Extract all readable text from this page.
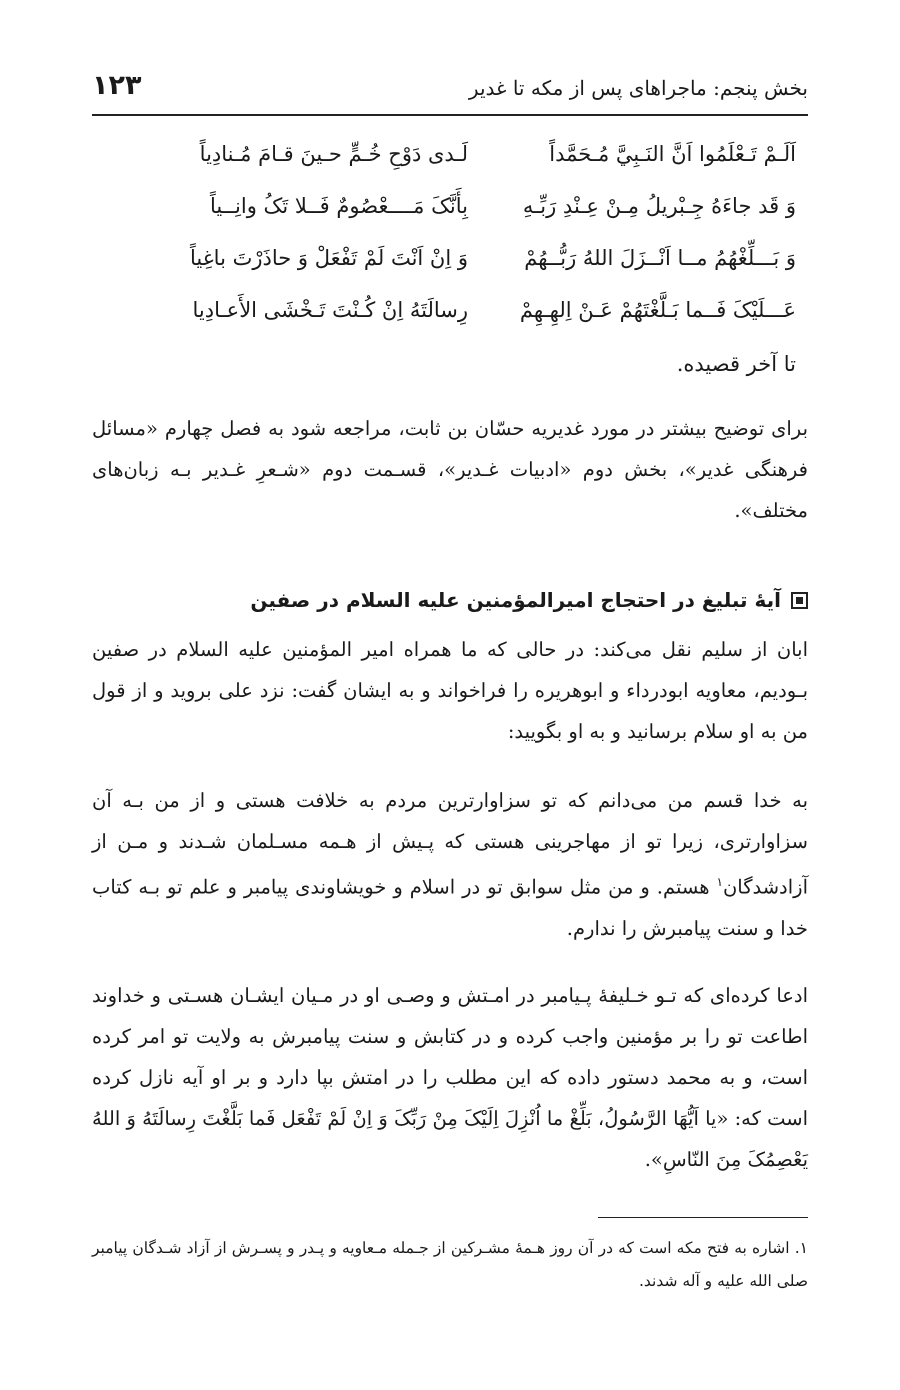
۱۲۳	بخش پنجم: ماجراهای پس از مکه تا غدیر
اَلَـمْ تَـعْلَمُوا اَنَّ النَـبِيَّ مُـحَمَّداً
لَـدی دَوْحِ خُـمٍّ حـينَ قـامَ مُـنادِياً
وَ قَد جاءَهُ جِـبْريلُ مِـنْ عِـنْدِ رَبِّـهِ
بِأَنَّکَ مَــــعْصُومٌ فَــلا تَکُ وانِــياً
وَ بَـــلِّغْهُمُ مــا اَنْــزَلَ اللهُ رَبُّــهُمْ
وَ اِنْ اَنْتَ لَمْ تَفْعَلْ وَ حاذَرْتَ باغِياً
عَـــلَيْکَ فَــما بَـلَّغْتَهُمْ عَـنْ اِلهِـهِمْ
رِسالَتَهُ اِنْ کُـنْتَ تَـخْشَی الأَعـادِيا
تا آخر قصيده.

برای توضيح بيشتر در مورد غديريه حسّان بن ثابت، مراجعه شود به فصل چهارم «مسائل فرهنگی غدير»، بخش دوم «ادبيات غـدير»، قسـمت دوم «شـعرِ غـدير بـه زبان‌های مختلف».

آيهٔ تبليغ در احتجاج اميرالمؤمنين علیه السلام در صفين

ابان از سليم نقل می‌کند: در حالی که ما همراه امير المؤمنين علیه السلام در صفين بـوديم، معاويه ابودرداء و ابوهريره را فراخواند و به ايشان گفت: نزد علی برويد و از قول من به او سلام برسانيد و به او بگوييد:

به خدا قسم من می‌دانم که تو سزاوارترين مردم به خلافت هستی و از من بـه آن سزاوارتری، زيرا تو از مهاجرينی هستی که پـيش از هـمه مسـلمان شـدند و مـن از آزادشدگان$^۱$ هستم. و من مثل سوابق تو در اسلام و خويشاوندی پيامبر و علم تو بـه کتاب خدا و سنت پيامبرش را ندارم.

ادعا کرده‌ای که تـو خـليفهٔ پـيامبر در امـتش و وصـی او در مـيان ايشـان هسـتی و خداوند اطاعت تو را بر مؤمنين واجب کرده و در کتابش و سنت پيامبرش به ولايت تو امر کرده است، و به محمد دستور داده که اين مطلب را در امتش بپا دارد و بر او آيه نازل کرده است که: «يا اَيُّهَا الرَّسُولُ، بَلِّغْ ما اُنْزِلَ اِلَيْکَ مِنْ رَبِّکَ وَ اِنْ لَمْ تَفْعَل فَما بَلَّغْتَ رِسالَتَهُ وَ اللهُ يَعْصِمُکَ مِنَ النّاسِ».

۱. اشاره به فتح مکه است که در آن روز هـمهٔ مشـرکين از جـمله مـعاويه و پـدر و پسـرش از آزاد شـدگان پيامبر صلی الله علیه و آله شدند.
